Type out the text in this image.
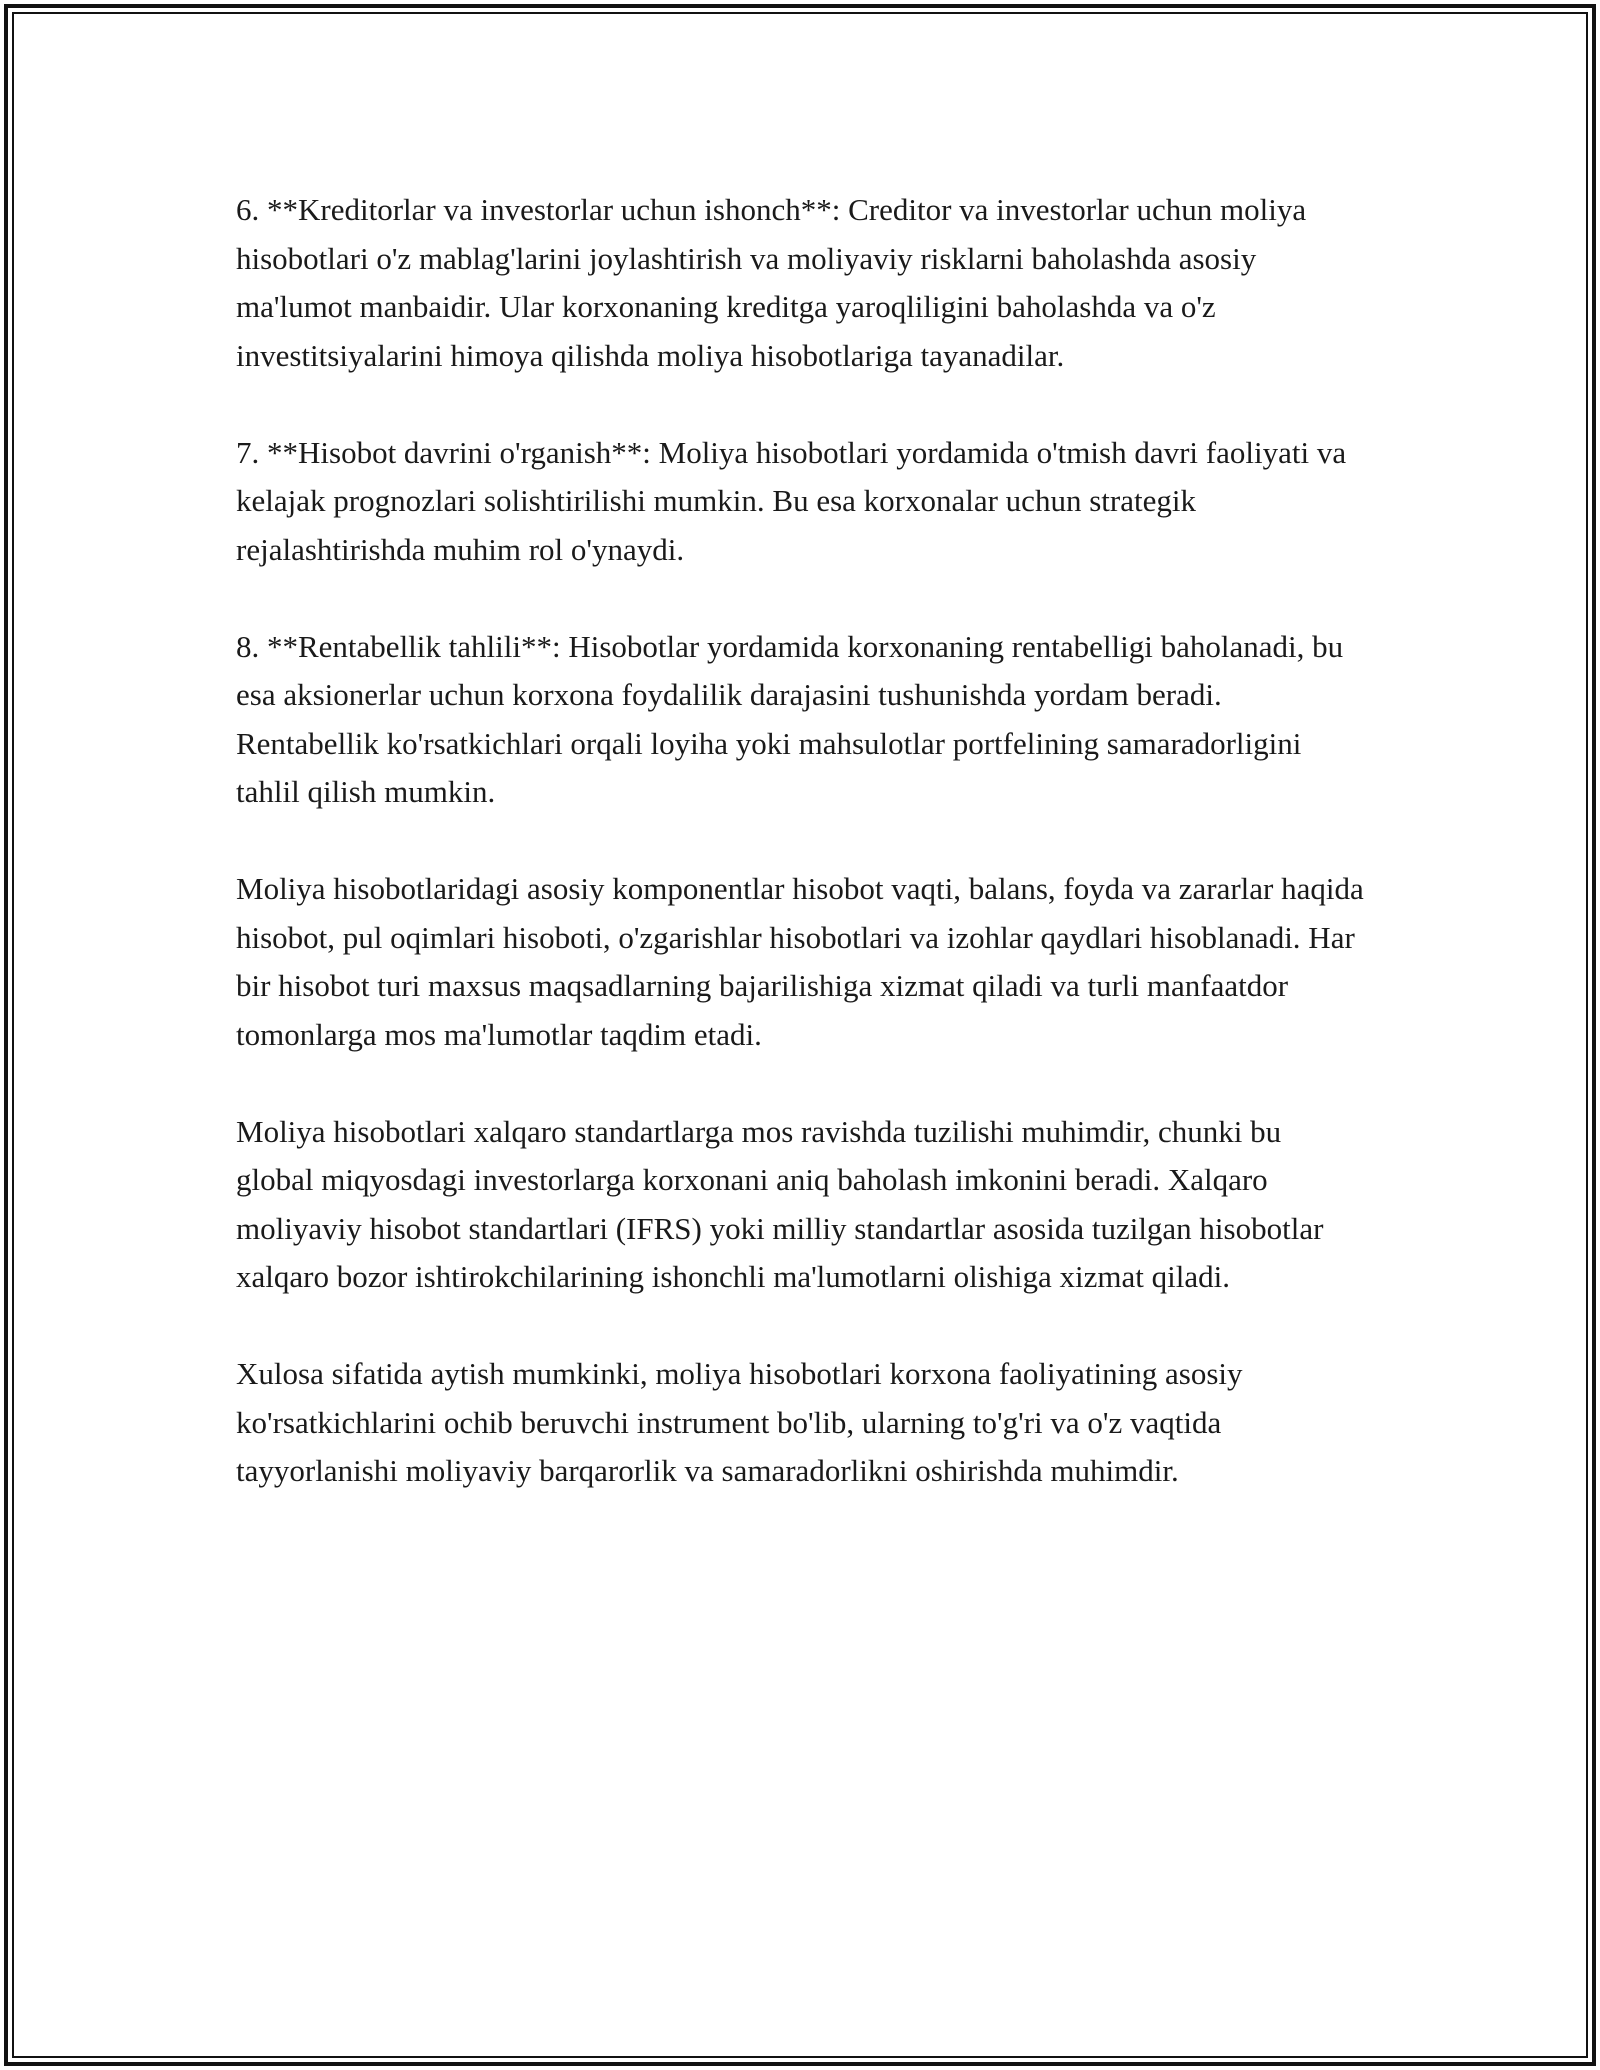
6. **Kreditorlar va investorlar uchun ishonch**: Creditor va investorlar uchun moliya hisobotlari o'z mablag'larini joylashtirish va moliyaviy risklarni baholashda asosiy ma'lumot manbaidir. Ular korxonaning kreditga yaroqliligini baholashda va o'z investitsiyalarini himoya qilishda moliya hisobotlariga tayanadilar.

7. **Hisobot davrini o'rganish**: Moliya hisobotlari yordamida o'tmish davri faoliyati va kelajak prognozlari solishtirilishi mumkin. Bu esa korxonalar uchun strategik rejalashtirishda muhim rol o'ynaydi.

8. **Rentabellik tahlili**: Hisobotlar yordamida korxonaning rentabelligi baholanadi, bu esa aksionerlar uchun korxona foydalilik darajasini tushunishda yordam beradi. Rentabellik ko'rsatkichlari orqali loyiha yoki mahsulotlar portfelining samaradorligini tahlil qilish mumkin.

Moliya hisobotlaridagi asosiy komponentlar hisobot vaqti, balans, foyda va zararlar haqida hisobot, pul oqimlari hisoboti, o'zgarishlar hisobotlari va izohlar qaydlari hisoblanadi. Har bir hisobot turi maxsus maqsadlarning bajarilishiga xizmat qiladi va turli manfaatdor tomonlarga mos ma'lumotlar taqdim etadi.

Moliya hisobotlari xalqaro standartlarga mos ravishda tuzilishi muhimdir, chunki bu global miqyosdagi investorlarga korxonani aniq baholash imkonini beradi. Xalqaro moliyaviy hisobot standartlari (IFRS) yoki milliy standartlar asosida tuzilgan hisobotlar xalqaro bozor ishtirokchilarining ishonchli ma'lumotlarni olishiga xizmat qiladi.

Xulosa sifatida aytish mumkinki, moliya hisobotlari korxona faoliyatining asosiy ko'rsatkichlarini ochib beruvchi instrument bo'lib, ularning to'g'ri va o'z vaqtida tayyorlanishi moliyaviy barqarorlik va samaradorlikni oshirishda muhimdir.
